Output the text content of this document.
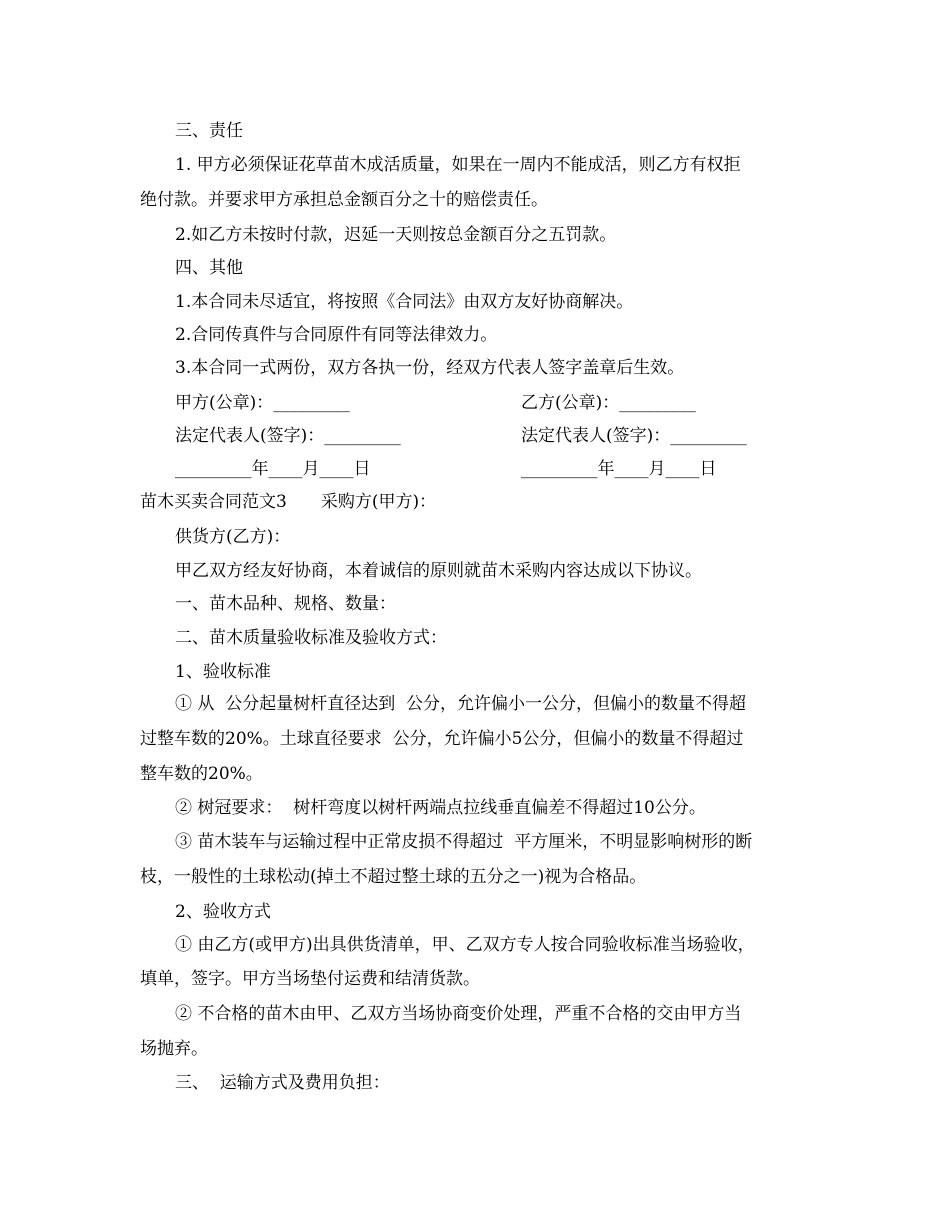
三、责任
1. 甲方必须保证花草苗木成活质量，如果在一周内不能成活，则乙方有权拒
绝付款。并要求甲方承担总金额百分之十的赔偿责任。
2.如乙方未按时付款，迟延一天则按总金额百分之五罚款。
四、其他
1.本合同未尽适宜，将按照《合同法》由双方友好协商解决。
2.合同传真件与合同原件有同等法律效力。
3.本合同一式两份，双方各执一份，经双方代表人签字盖章后生效。
甲方(公章)：_________	乙方(公章)：_________
法定代表人(签字)：_________	法定代表人(签字)：_________
_________年____月____日	_________年____月____日
苗木买卖合同范文3　　采购方(甲方)：
供货方(乙方)：
甲乙双方经友好协商，本着诚信的原则就苗木采购内容达成以下协议。
一、苗木品种、规格、数量：
二、苗木质量验收标准及验收方式：
1、验收标准
① 从  公分起量树杆直径达到  公分，允许偏小一公分，但偏小的数量不得超
过整车数的20%。土球直径要求  公分，允许偏小5公分，但偏小的数量不得超过
整车数的20%。
② 树冠要求：  树杆弯度以树杆两端点拉线垂直偏差不得超过10公分。
③ 苗木装车与运输过程中正常皮损不得超过  平方厘米，不明显影响树形的断
枝，一般性的土球松动(掉土不超过整土球的五分之一)视为合格品。
2、验收方式
① 由乙方(或甲方)出具供货清单，甲、乙双方专人按合同验收标准当场验收，
填单，签字。甲方当场垫付运费和结清货款。
② 不合格的苗木由甲、乙双方当场协商变价处理，严重不合格的交由甲方当
场抛弃。
三、  运输方式及费用负担：
